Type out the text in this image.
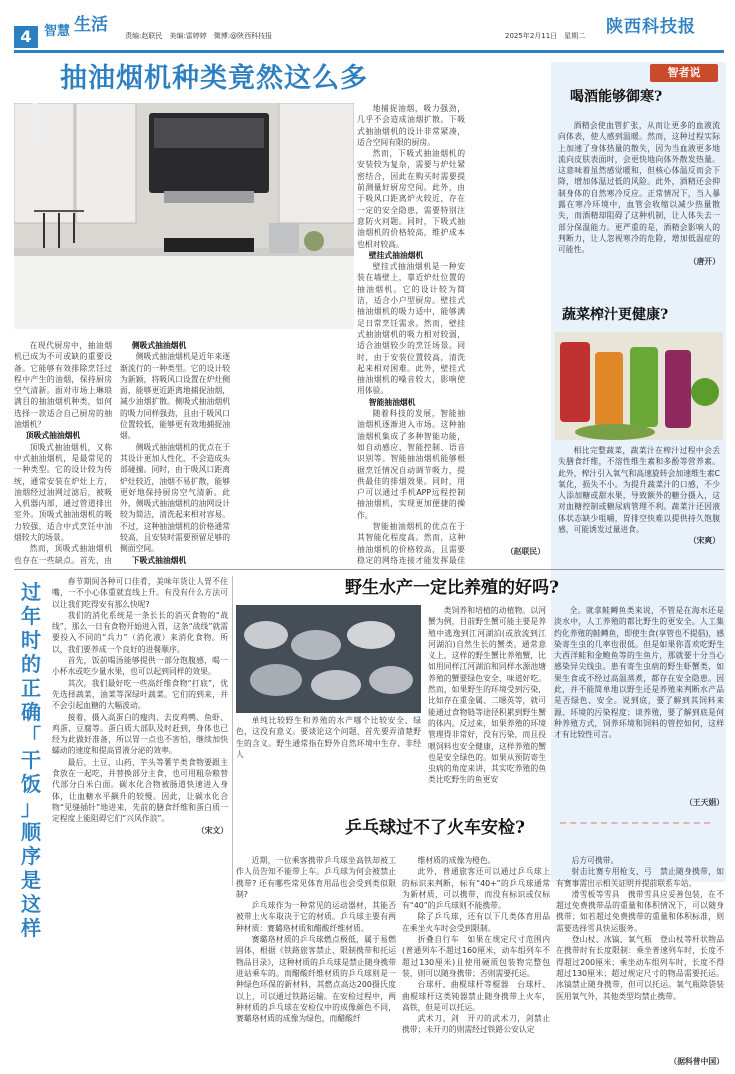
4 智慧 生活
责编:赵联民　美编:雷婷婷　微博:@陕西科技报	2025年2月11日　星期二 陕西科技报
抽油烟机种类竟然这么多

在现代厨房中，抽油烟机已成为不可或缺的重要设备。它能够有效排除烹饪过程中产生的油烟，保持厨房空气清新。面对市场上琳琅满目的抽油烟机种类，如何选择一款适合自己厨房的抽油烟机？

顶吸式抽油烟机

顶吸式抽油烟机，又称中式抽油烟机，是最常见的一种类型。它的设计较为传统，通常安装在炉灶上方，油烟经过油网过滤后，被吸入机器内部，通过管道排出室外。顶吸式抽油烟机的吸力较强，适合中式烹饪中油烟较大的场景。

然而，顶吸式抽油烟机也存在一些缺点。首先，由

侧吸式抽油烟机

侧吸式抽油烟机是近年来逐渐流行的一种类型。它的设计较为新颖，将吸风口设置在炉灶侧面，能够更近距离地捕捉油烟，减少油烟扩散。侧吸式抽油烟机的吸力同样强劲，且由于吸风口位置较低，能够更有效地捕捉油烟。

侧吸式抽油烟机的优点在于其设计更加人性化，不会造成头部碰撞。同时，由于吸风口距离炉灶较近，油烟不易扩散，能够更好地保持厨房空气清新。此外，侧吸式抽油烟机的油网设计较为简洁，清洗起来相对容易。不过，这种抽油烟机的价格通常较高，且安装时需要预留足够的侧面空间。

下吸式抽油烟机

地捕捉油烟，吸力强劲，几乎不会造成油烟扩散。下吸式抽油烟机的设计非常紧凑，适合空间有限的厨房。

然而，下吸式抽油烟机的安装较为复杂，需要与炉灶紧密结合，因此在购买时需要提前测量好厨房空间。此外，由于吸风口距离炉火较近，存在一定的安全隐患，需要特别注意防火问题。同时，下吸式抽油烟机的价格较高，维护成本也相对较高。

壁挂式抽油烟机

壁挂式抽油烟机是一种安装在墙壁上，靠近炉灶位置的抽油烟机。它的设计较为简洁，适合小户型厨房。壁挂式抽油烟机的吸力适中，能够满足日常烹饪需求。然而，壁挂式抽油烟机的吸力相对较弱，适合油烟较少的烹饪场景。同时，由于安装位置较高，清洗起来相对困难。此外，壁挂式抽油烟机的噪音较大，影响使用体验。

智能抽油烟机

随着科技的发展，智能抽油烟机逐渐进入市场。这种抽油烟机集成了多种智能功能，如自动感应、智能控制、语音识别等。智能抽油烟机能够根据烹饪情况自动调节吸力，提供最佳的排烟效果。同时，用户可以通过手机APP远程控制抽油烟机，实现更加便捷的操作。

智能抽油烟机的优点在于其智能化程度高。然而，这种抽油烟机的价格较高，且需要稳定的网络连接才能发挥最佳

（赵联民）

智者说
喝酒能够御寒?

酒精会使血管扩张，从而让更多的血液流向体表，使人感到温暖。然而，这种过程实际上加速了身体热量的散失，因为当血液更多地流向皮肤表面时，会更快地向体外散发热量。这意味着虽然感觉暖和，但核心体温反而会下降，增加体温过低的风险。此外，酒精还会抑制身体的自然寒冷反应。正常情况下，当人暴露在寒冷环境中，血管会收缩以减少热量散失，而酒精却阻碍了这种机制，让人体失去一部分保温能力。更严重的是，酒精会影响人的判断力，让人忽视寒冷的危险，增加低温症的可能性。

（唐开）

蔬菜榨汁更健康?

相比完整蔬菜，蔬菜汁在榨汁过程中会丢失膳食纤维，不溶性维生素和多酚等营养素。此外，榨汁引入氧气和高速旋转会加速维生素C氧化，损失不小。为提升蔬菜汁的口感，不少人添加糖或甜水果，导致额外的糖分摄入，这对血糖控制或糖尿病管理不利。蔬菜汁还因液体状态缺少咀嚼，胃排空快难以提供持久饱腹感，可能诱发过量进食。

（宋爽）

过
年
时
的
正
确
「
干
饭
」
顺
序
是
这
样

春节期间各种可口佳肴，美味年货让人胃不住嘴，一不小心体重就直线上升。有没有什么方法可以让我们吃得安有那么快呢?

我们的消化系统是一条长长的消灭食物的“战线”，那么一日有食物开始进入胃，这条“战线”就需要投入不同的“兵力”（消化液）来消化食物。所以，我们要养成一个良好的进餐顺序。

首先，饭前喝汤能够提供一部分饱腹感，喝一小杯水或吃少量水果，也可以起到同样的效果。

其次，我们最好吃一些高纤维食物“打底”，优先选择蔬菜，油菜等深绿叶蔬菜。它们的到来，并不会引起血糖的大幅波动。

接着，摄入高蛋白的瘦肉、去皮鸡鸭、鱼虾、鸡蛋、豆腐等。蛋白质大部队及时赶到，身体也已经为此做好准备，所以胃一点也不害怕，继续加快蠕动的速度和提高胃液分泌的效率。

最后，土豆、山药、芋头等薯芋类食物要跟主食放在一起吃，并替换部分主食，也可用粗杂粮替代部分白米白面。碳水化合物被肠道快速进入身体，让血糖水平飙升的较慢。因此，让碳水化合物“见缝插针”地进来，先前的膳食纤维和蛋白质一定程度上能阻碍它们“兴风作浪”。

（宋文）

野生水产一定比养殖的好吗?

单纯比较野生和养殖的水产哪个比较安全、绿色，这没有意义。要谈论这个问题，首先要弄清楚野生的含义。野生通常指在野外自然环境中生存、非经人

类饲养和培植的动植物。以河蟹为例，目前野生蟹可能主要是养殖中逃逸到江河湖泊(或放流到江河湖泊)自然生长的蟹类。通常意义上，这样的野生蟹比养殖蟹，比如用同样江河湖泊和同样水源池塘养殖的蟹要绿色安全、味道好吃。然而，如果野生的环境受到污染，比如存在重金属、二噁英等，就可能通过食物链等途径积累到野生蟹的体内。反过来，如果养殖的环境管理得非常好，没有污染，而且投喂饲料也安全健康，这样养殖的蟹也是安全绿色的。如果从预防寄生虫病的角度来讲，其实吃养殖的鱼类比吃野生的鱼更安

全。就拿鲑鳟鱼类来说，不管是在海水还是淡水中，人工养殖的都比野生的更安全。人工集约化养殖的鲑鳟鱼，即使生食(享管也不提倡)，感染寄生虫的几率也很低。但是如果你喜欢吃野生大西洋鲑和金鲍鱼等的生鱼片，那就要十分当心感染异尖线虫。患有寄生虫病的野生虾蟹类，如果生食或不经过高温蒸煮，都存在安全隐患。因此，并不能简单地以野生还是养殖来判断水产品是否绿色、安全。说到底，要了解到其饲料来源、环境的污染程度；谈养殖，要了解到底是何种养殖方式，饲养环境和饲料的管控如何，这样才有比较性可言。

（王天娟）

乒乓球过不了火车安检?

近期，一位乘客携带乒乓球坐高铁却被工作人员告知不能带上车。乒乓球为何会被禁止携带? 还有哪些常见体育用品也会受到类似限制?

乒乓球作为一种常见的运动器材，其能否被带上火车取决于它的材质。乒乓球主要有两种材质：赛璐珞材质和醋酸纤维材质。

赛璐珞材质的乒乓球燃点极低，属于易燃固体，根据《铁路旅客禁止、限制携带和托运物品目录》，这种材质的乒乓球是禁止随身携带进站乘车的。而醋酸纤维材质的乒乓球则是一种绿色环保的新材料，其燃点高达200摄氏度以上，可以通过铁路运输。在安检过程中，两种材质的乒乓球在安检仪中的成像颜色不同，赛璐珞材质的成像为绿色，而醋酸纤

维材质的成像为橙色。

此外，普通旅客还可以通过乒乓球上的标识来判断，标有“40+”的乒乓球通常为新材质，可以携带，而没有标识或仅标有“40”的乒乓球则不能携带。

除了乒乓球，还有以下几类体育用品在乘坐火车时会受到限制。

折叠自行车　如果在规定尺寸范围内(普通列车不超过160厘米，动车组列车不超过130厘米)且使用硬质包装物完整包装，则可以随身携带；否则需要托运。

台球杆、曲棍球杆等棍器　台球杆、曲棍球杆这类钝器禁止随身携带上火车，高铁，但是可以托运。

武术刀、剑　开刃的武术刀，剑禁止携带；未开刃的则需经过铁路公安认定

后方可携带。

射击比赛专用枪支、弓　禁止随身携带，如有赛事需出示相关证明并提前联系车站。

滑雪板等雪具　携带雪具应妥善包装，在不超过免费携带品的重量和体积情况下，可以随身携带；如若超过免费携带的重量和体积标准，则需要选择雪具快运服务。

登山杖、冰镐、氧气瓶　登山杖等杆状物品在携带时有长度限制：乘坐普速列车时，长度不得超过200厘米；乘坐动车组列车时，长度不得超过130厘米；超过规定尺寸的物品需要托运。冰镐禁止随身携带，但可以托运。氧气瓶除袋装医用氧气外，其他类型均禁止携带。

（据科普中国）
